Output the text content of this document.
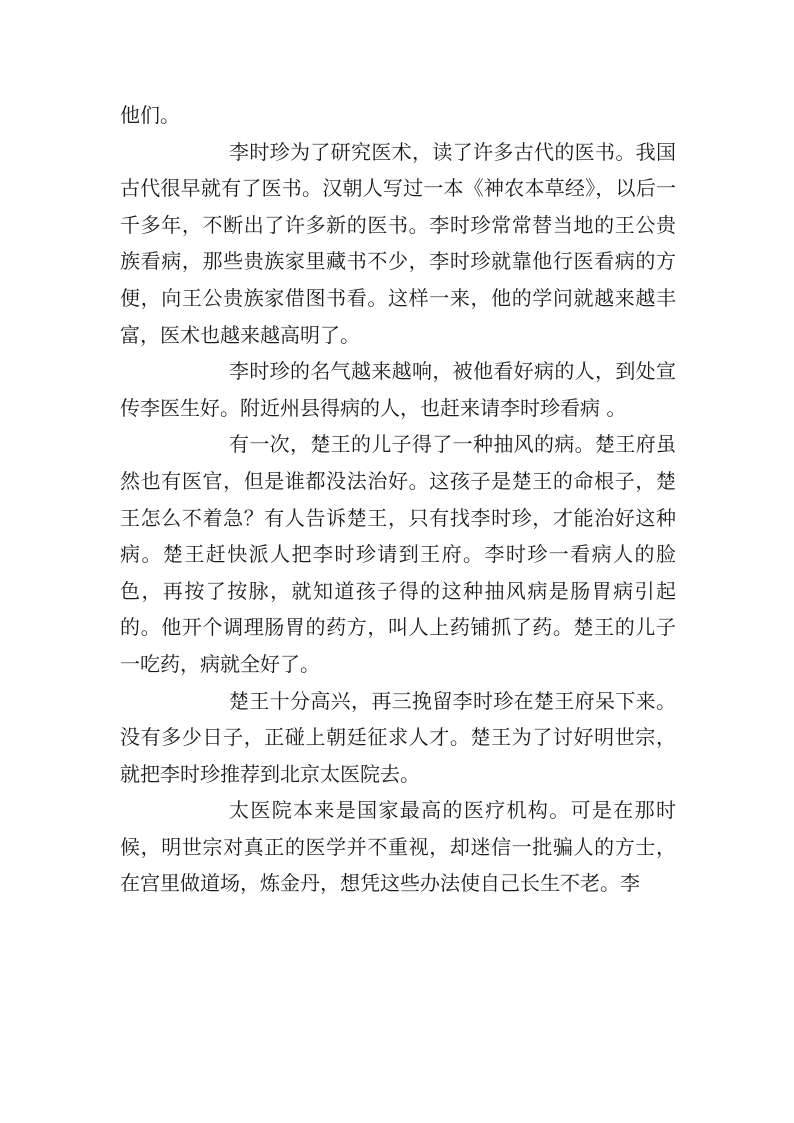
他们。

李时珍为了研究医术，读了许多古代的医书。我国古代很早就有了医书。汉朝人写过一本《神农本草经》，以后一千多年，不断出了许多新的医书。李时珍常常替当地的王公贵族看病，那些贵族家里藏书不少，李时珍就靠他行医看病的方便，向王公贵族家借图书看。这样一来，他的学问就越来越丰富，医术也越来越高明了。

李时珍的名气越来越响，被他看好病的人，到处宣传李医生好。附近州县得病的人，也赶来请李时珍看病 。

有一次，楚王的儿子得了一种抽风的病。楚王府虽然也有医官，但是谁都没法治好。这孩子是楚王的命根子，楚王怎么不着急？有人告诉楚王，只有找李时珍，才能治好这种病。楚王赶快派人把李时珍请到王府。李时珍一看病人的脸色，再按了按脉，就知道孩子得的这种抽风病是肠胃病引起的。他开个调理肠胃的药方，叫人上药铺抓了药。楚王的儿子一吃药，病就全好了。

楚王十分高兴，再三挽留李时珍在楚王府呆下来。没有多少日子，正碰上朝廷征求人才。楚王为了讨好明世宗，就把李时珍推荐到北京太医院去。

太医院本来是国家最高的医疗机构。可是在那时候，明世宗对真正的医学并不重视，却迷信一批骗人的方士，在宫里做道场，炼金丹，想凭这些办法使自己长生不老。李
